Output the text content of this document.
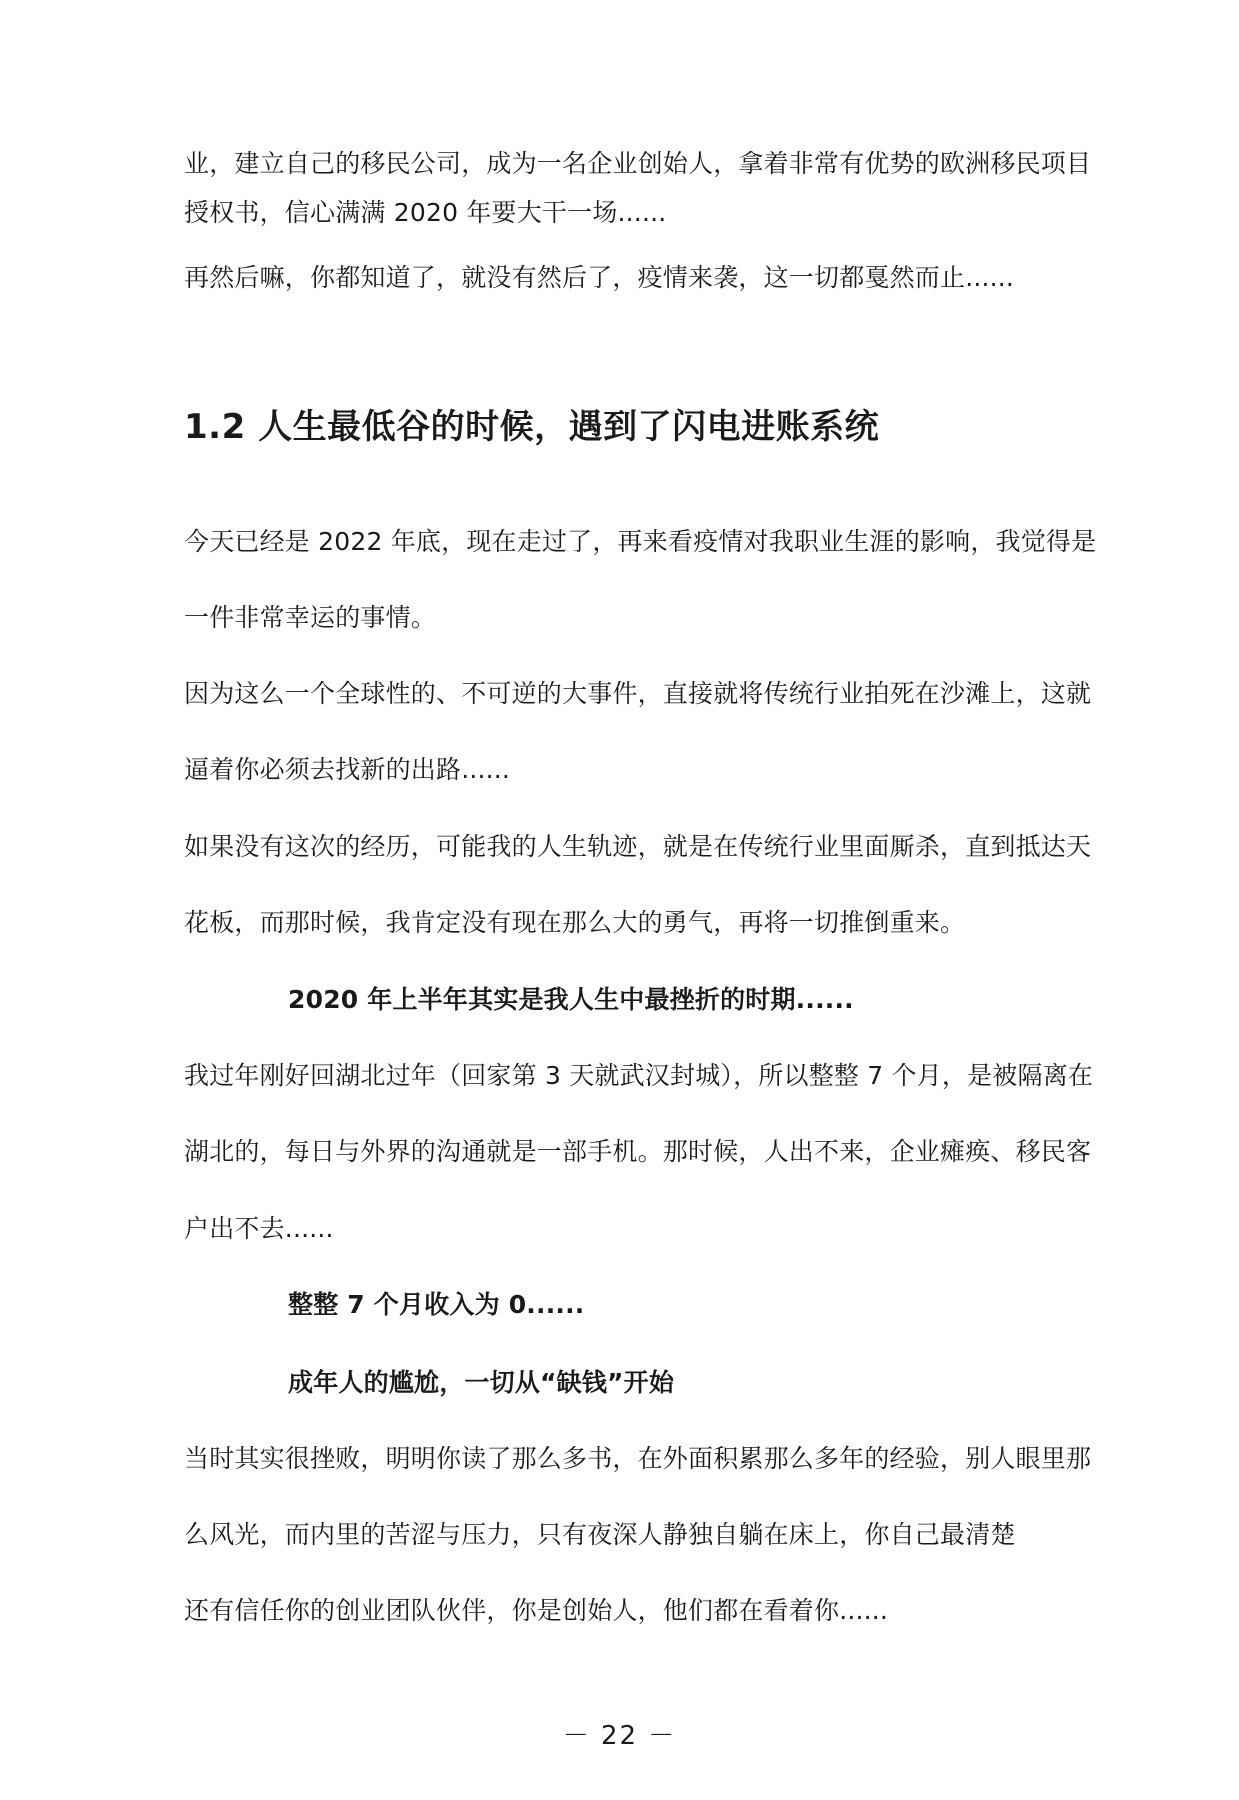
业，建立自己的移民公司，成为一名企业创始人，拿着非常有优势的欧洲移民项目
授权书，信心满满 2020 年要大干一场......
再然后嘛，你都知道了，就没有然后了，疫情来袭，这一切都戛然而止......
1.2 人生最低谷的时候，遇到了闪电进账系统
今天已经是 2022 年底，现在走过了，再来看疫情对我职业生涯的影响，我觉得是
一件非常幸运的事情。
因为这么一个全球性的、不可逆的大事件，直接就将传统行业拍死在沙滩上，这就
逼着你必须去找新的出路......
如果没有这次的经历，可能我的人生轨迹，就是在传统行业里面厮杀，直到抵达天
花板，而那时候，我肯定没有现在那么大的勇气，再将一切推倒重来。
2020 年上半年其实是我人生中最挫折的时期......
我过年刚好回湖北过年（回家第 3 天就武汉封城），所以整整 7 个月，是被隔离在
湖北的，每日与外界的沟通就是一部手机。那时候，人出不来，企业瘫痪、移民客
户出不去......
整整 7 个月收入为 0......
成年人的尴尬，一切从“缺钱”开始
当时其实很挫败，明明你读了那么多书，在外面积累那么多年的经验，别人眼里那
么风光，而内里的苦涩与压力，只有夜深人静独自躺在床上，你自己最清楚
还有信任你的创业团队伙伴，你是创始人，他们都在看着你......
－ 22 －
